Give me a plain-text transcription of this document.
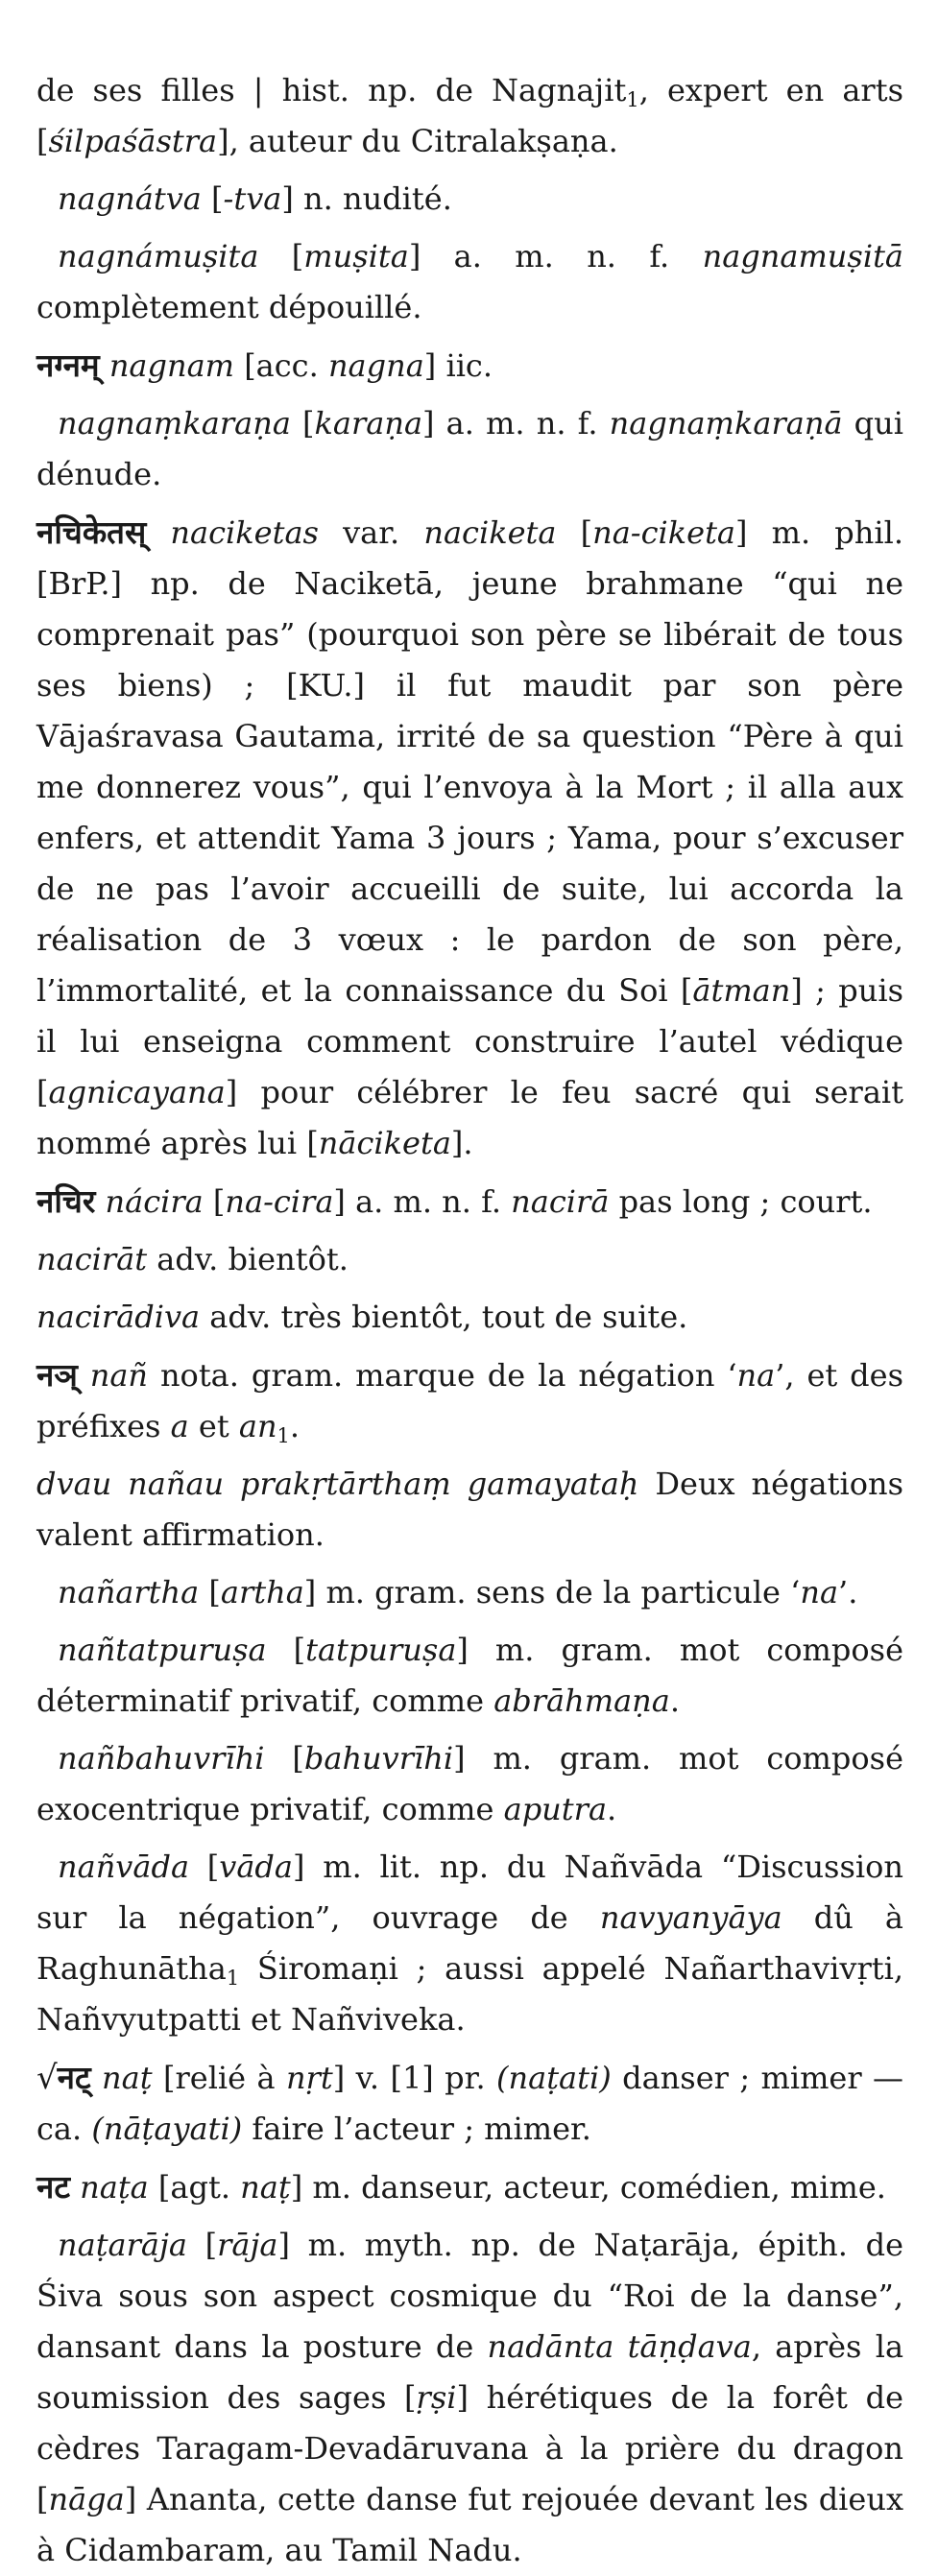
de ses filles | hist. np. de Nagnajit1, expert en arts [śilpaśāstra], auteur du Citralakṣaṇa.

nagnátva [-tva] n. nudité.

nagnámuṣita [muṣita] a. m. n. f. nagnamuṣitā complètement dépouillé.

नग्नम् nagnam [acc. nagna] iic.

nagnaṃkaraṇa [karaṇa] a. m. n. f. nagnaṃkaraṇā qui dénude.

नचिकेतस् naciketas var. naciketa [na-ciketa] m. phil. [BrP.] np. de Naciketā, jeune brahmane “qui ne comprenait pas” (pourquoi son père se libérait de tous ses biens) ; [KU.] il fut maudit par son père Vājaśravasa Gautama, irrité de sa question “Père à qui me donnerez vous”, qui l’envoya à la Mort ; il alla aux enfers, et attendit Yama 3 jours ; Yama, pour s’excuser de ne pas l’avoir accueilli de suite, lui accorda la réalisation de 3 vœux : le pardon de son père, l’immortalité, et la connaissance du Soi [ātman] ; puis il lui enseigna comment construire l’autel védique [agnicayana] pour célébrer le feu sacré qui serait nommé après lui [nāciketa].

नचिर nácira [na-cira] a. m. n. f. nacirā pas long ; court.

nacirāt adv. bientôt.

nacirādiva adv. très bientôt, tout de suite.

नञ् nañ nota. gram. marque de la négation ‘na’, et des préfixes a et an1.

dvau nañau prakṛtārthaṃ gamayataḥ Deux négations valent affirmation.

nañartha [artha] m. gram. sens de la particule ‘na’.

nañtatpuruṣa [tatpuruṣa] m. gram. mot composé déterminatif privatif, comme abrāhmaṇa.

nañbahuvrīhi [bahuvrīhi] m. gram. mot composé exocentrique privatif, comme aputra.

nañvāda [vāda] m. lit. np. du Nañvāda “Discussion sur la négation”, ouvrage de navyanyāya dû à Raghunātha1 Śiromaṇi ; aussi appelé Nañarthavivṛti, Nañvyutpatti et Nañviveka.

√नट् naṭ [relié à nṛt] v. [1] pr. (naṭati) danser ; mimer — ca. (nāṭayati) faire l’acteur ; mimer.

नट naṭa [agt. naṭ] m. danseur, acteur, comédien, mime.

naṭarāja [rāja] m. myth. np. de Naṭarāja, épith. de Śiva sous son aspect cosmique du “Roi de la danse”, dansant dans la posture de nadānta tāṇḍava, après la soumission des sages [ṛṣi] hérétiques de la forêt de cèdres Taragam-Devadāruvana à la prière du dragon [nāga] Ananta, cette danse fut rejouée devant les dieux à Cidambaram, au Tamil Nadu.
